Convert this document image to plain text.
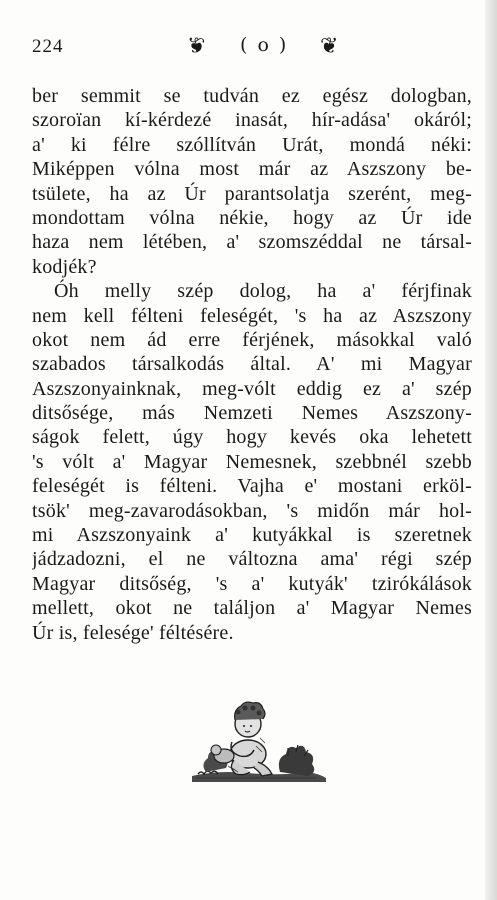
224	❦ ( o ) ❦
ber semmit se tudván ez egész dologban,
szoroïan kí-kérdezé inasát, hír-adása' okáról;
a' ki félre szóllítván Urát, mondá néki:
Miképpen vólna most már az Aszszony be-
tsülete, ha az Úr parantsolatja szerént, meg-
mondottam vólna nékie, hogy az Úr ide
haza nem létében, a' szomszéddal ne társal-
kodjék?
Óh melly szép dolog, ha a' férjfinak
nem kell félteni feleségét, 's ha az Aszszony
okot nem ád erre férjének, másokkal való
szabados társalkodás által. A' mi Magyar
Aszszonyainknak, meg-vólt eddig ez a' szép
ditsősége, más Nemzeti Nemes Aszszony-
ságok felett, úgy hogy kevés oka lehetett
's vólt a' Magyar Nemesnek, szebbnél szebb
feleségét is félteni. Vajha e' mostani erköl-
tsök' meg-zavarodásokban, 's midőn már hol-
mi Aszszonyaink a' kutyákkal is szeretnek
jádzadozni, el ne változna ama' régi szép
Magyar ditsőség, 's a' kutyák' tzirókálások
mellett, okot ne találjon a' Magyar Nemes
Úr is, felesége' féltésére.
